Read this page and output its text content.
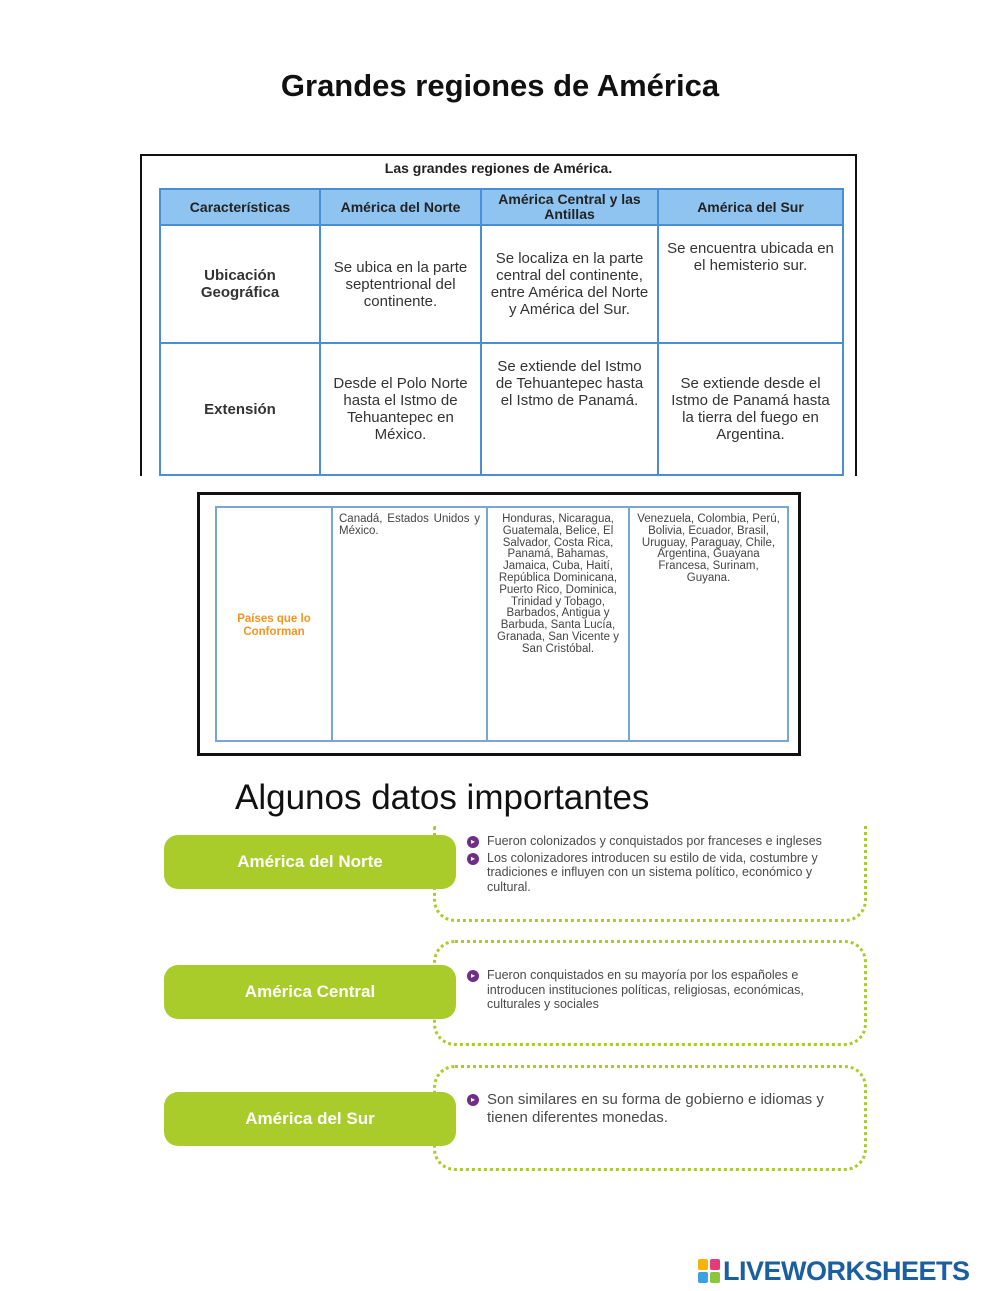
Grandes regiones de América
Las grandes regiones de América.
Características	América del Norte	América Central y las Antillas	América del Sur
Ubicación Geográfica	Se ubica en la parte septentrional del continente.	Se localiza en la parte central del continente, entre América del Norte y América del Sur.	Se encuentra ubicada en el hemisterio sur.
Extensión	Desde el Polo Norte hasta el Istmo de Tehuantepec en México.	Se extiende del Istmo de Tehuantepec hasta el Istmo de Panamá.	Se extiende desde el Istmo de Panamá hasta la tierra del fuego en Argentina.
Países que lo Conforman	Canadá, Estados Unidos y México.	Honduras, Nicaragua, Guatemala, Belice, El Salvador, Costa Rica, Panamá, Bahamas, Jamaica, Cuba, Haití, República Dominicana, Puerto Rico, Dominica, Trinidad y Tobago, Barbados, Antigua y Barbuda, Santa Lucía, Granada, San Vicente y San Cristóbal.	Venezuela, Colombia, Perú, Bolivia, Ecuador, Brasil, Uruguay, Paraguay, Chile, Argentina, Guayana Francesa, Surinam, Guyana.
Algunos datos importantes
América del Norte
▸ Fueron colonizados y conquistados por franceses e ingleses
▸ Los colonizadores introducen su estilo de vida, costumbre y tradiciones e influyen con un sistema político, económico y cultural.
América Central
▸ Fueron conquistados en su mayoría por los españoles e introducen instituciones políticas, religiosas, económicas, culturales y sociales
América del Sur
▸ Son similares en su forma de gobierno e idiomas y tienen diferentes monedas.
LIVEWORKSHEETS
